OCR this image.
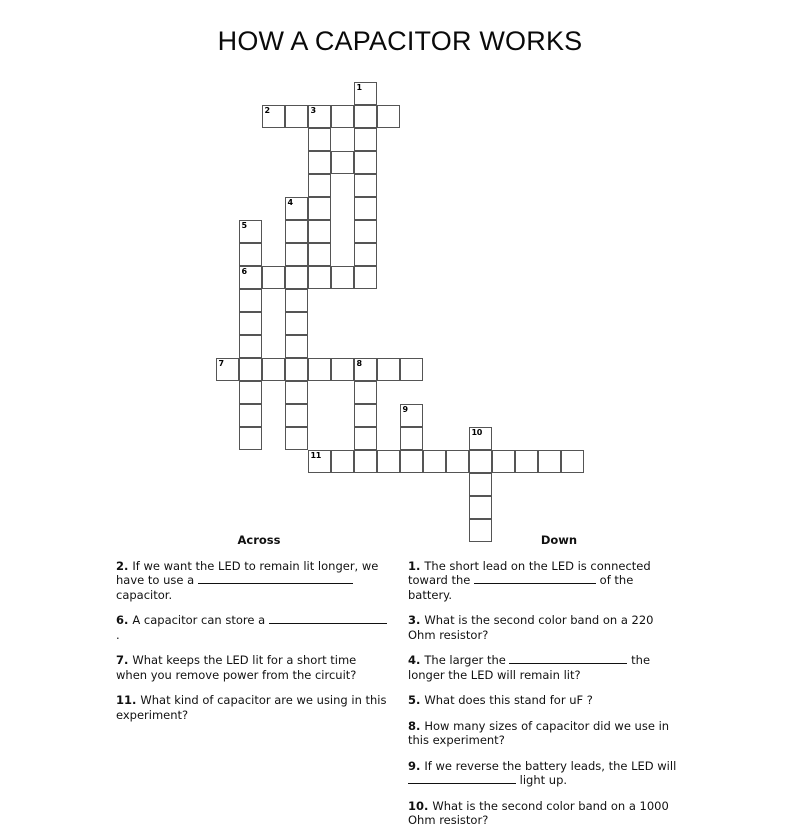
HOW A CAPACITOR WORKS
1
2	3
4
5
6
7	8
9
10
11
Across

2. If we want the LED to remain lit longer, we have to use a  capacitor.

6. A capacitor can store a  .

7. What keeps the LED lit for a short time when you remove power from the circuit?

11. What kind of capacitor are we using in this experiment?

Down

1. The short lead on the LED is connected toward the	of the battery.

3. What is the second color band on a 220 Ohm resistor?

4. The larger the	the longer the LED will remain lit?

5. What does this stand for uF ?

8. How many sizes of capacitor did we use in this experiment?

9. If we reverse the battery leads, the LED will  light up.

10. What is the second color band on a 1000 Ohm resistor?
